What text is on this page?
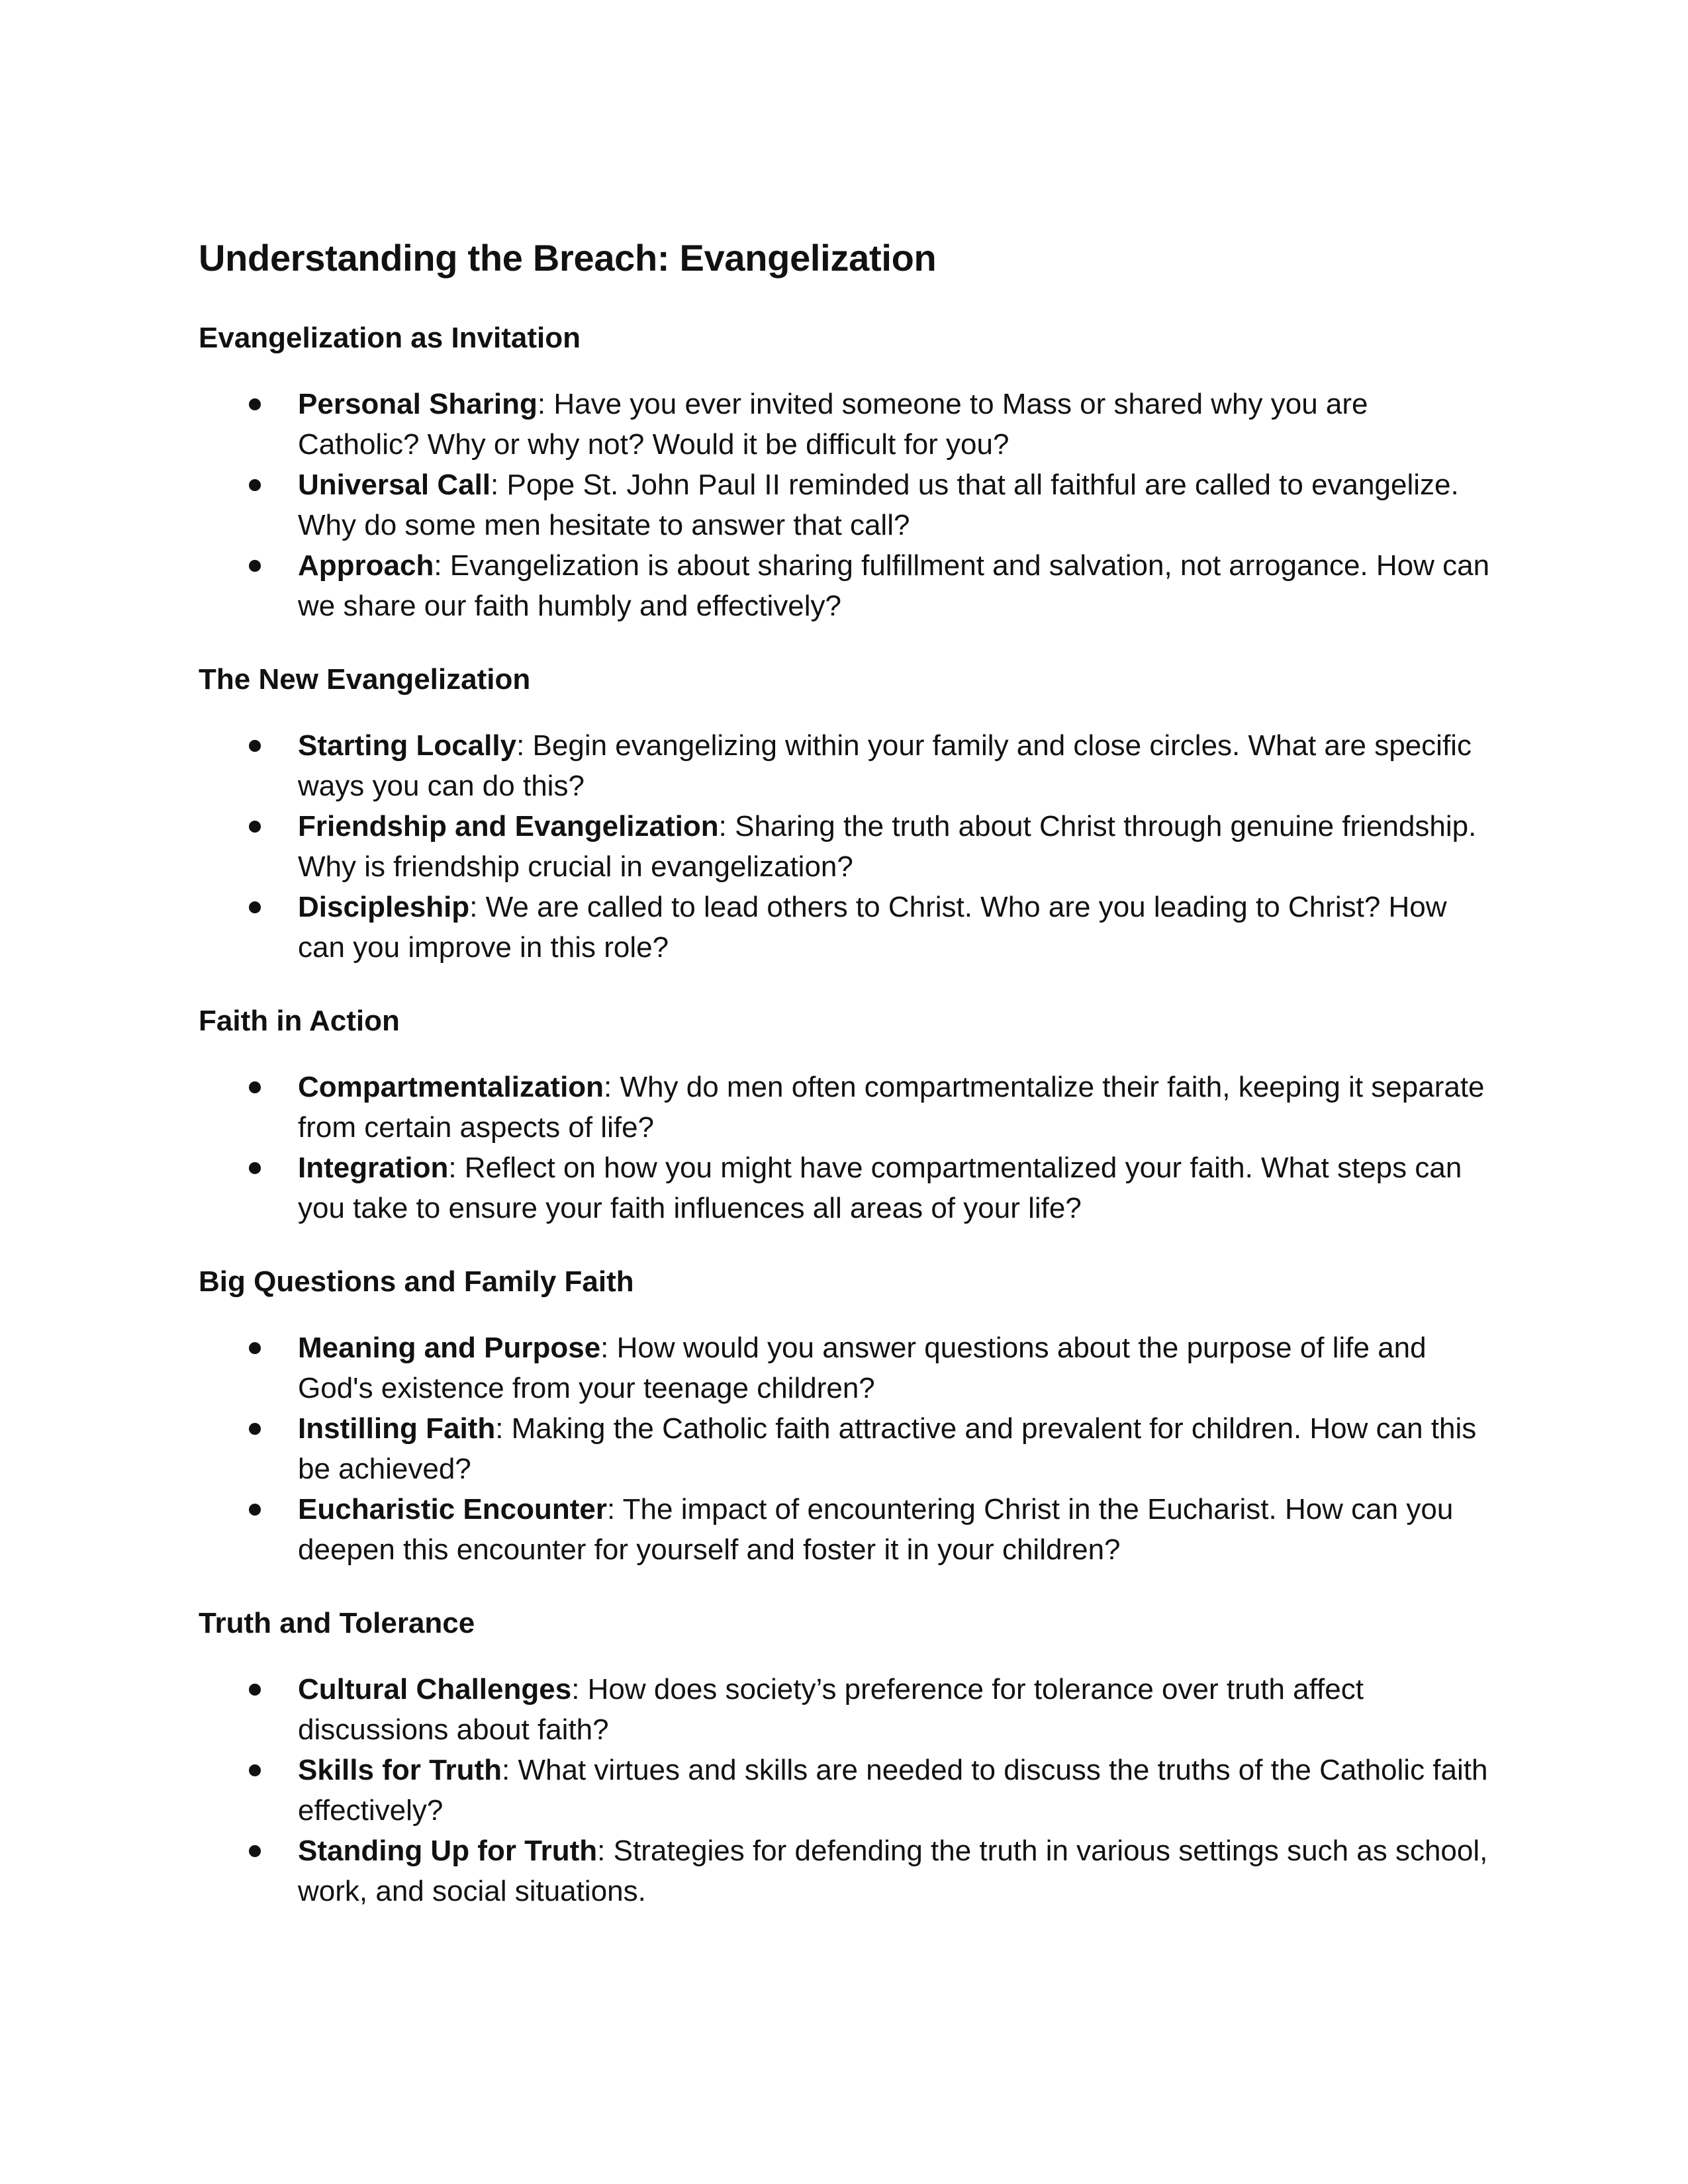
Understanding the Breach: Evangelization
Evangelization as Invitation
Personal Sharing: Have you ever invited someone to Mass or shared why you are Catholic? Why or why not? Would it be difficult for you?
Universal Call: Pope St. John Paul II reminded us that all faithful are called to evangelize. Why do some men hesitate to answer that call?
Approach: Evangelization is about sharing fulfillment and salvation, not arrogance. How can we share our faith humbly and effectively?
The New Evangelization
Starting Locally: Begin evangelizing within your family and close circles. What are specific ways you can do this?
Friendship and Evangelization: Sharing the truth about Christ through genuine friendship. Why is friendship crucial in evangelization?
Discipleship: We are called to lead others to Christ. Who are you leading to Christ? How can you improve in this role?
Faith in Action
Compartmentalization: Why do men often compartmentalize their faith, keeping it separate from certain aspects of life?
Integration: Reflect on how you might have compartmentalized your faith. What steps can you take to ensure your faith influences all areas of your life?
Big Questions and Family Faith
Meaning and Purpose: How would you answer questions about the purpose of life and God's existence from your teenage children?
Instilling Faith: Making the Catholic faith attractive and prevalent for children. How can this be achieved?
Eucharistic Encounter: The impact of encountering Christ in the Eucharist. How can you deepen this encounter for yourself and foster it in your children?
Truth and Tolerance
Cultural Challenges: How does society’s preference for tolerance over truth affect discussions about faith?
Skills for Truth: What virtues and skills are needed to discuss the truths of the Catholic faith effectively?
Standing Up for Truth: Strategies for defending the truth in various settings such as school, work, and social situations.
